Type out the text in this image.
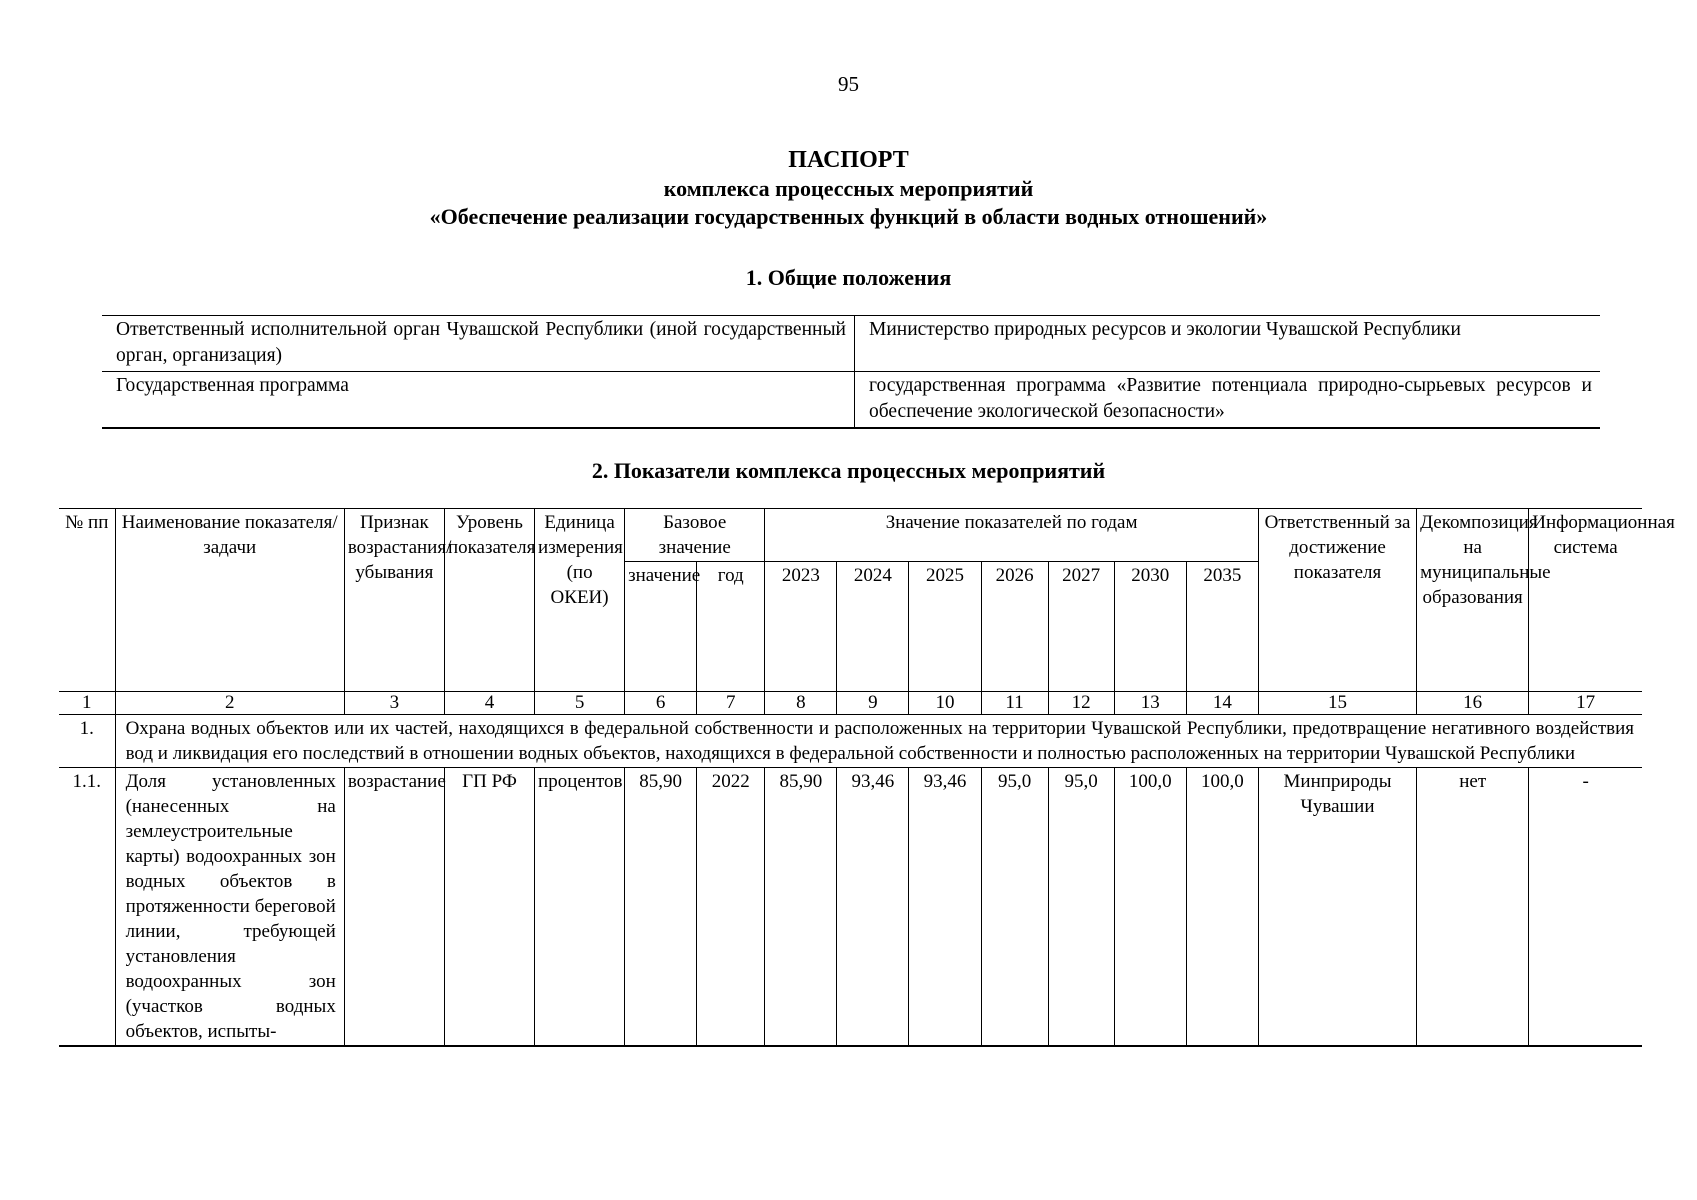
95
ПАСПОРТ
комплекса процессных мероприятий
«Обеспечение реализации государственных функций в области водных отношений»
1. Общие положения
Ответственный исполнительной орган Чувашской Республики (иной государственный орган, организация)	Министерство природных ресурсов и экологии Чувашской Республики
Государственная программа	государственная программа «Развитие потенциала природно-сырьевых ресурсов и обеспечение экологической безопасности»
2. Показатели комплекса процессных мероприятий
№ пп	Наименование показателя/задачи	Признак возрастания/ убывания	Уровень показателя	Единица измерения (по ОКЕИ)	Базовое значение		Значение показателей по годам							Ответственный за достижение показателя	Декомпозиция на муниципальные образования	Информационная система
					значение	год	2023	2024	2025	2026	2027	2030	2035			
1	2	3	4	5	6	7	8	9	10	11	12	13	14	15	16	17
1.	Охрана водных объектов или их частей, находящихся в федеральной собственности и расположенных на территории Чувашской Республики, предотвращение негативного воздействия вод и ликвидация его последствий в отношении водных объектов, находящихся в федеральной собственности и полностью расположенных на территории Чувашской Республики															
1.1.	Доля установленных (нанесенных на землеустроительные карты) водоохранных зон водных объектов в протяженности береговой линии, требующей установления водоохранных зон (участков водных объектов, испыты-	возрастание	ГП РФ	процентов	85,90	2022	85,90	93,46	93,46	95,0	95,0	100,0	100,0	Минприроды Чувашии	нет	-
